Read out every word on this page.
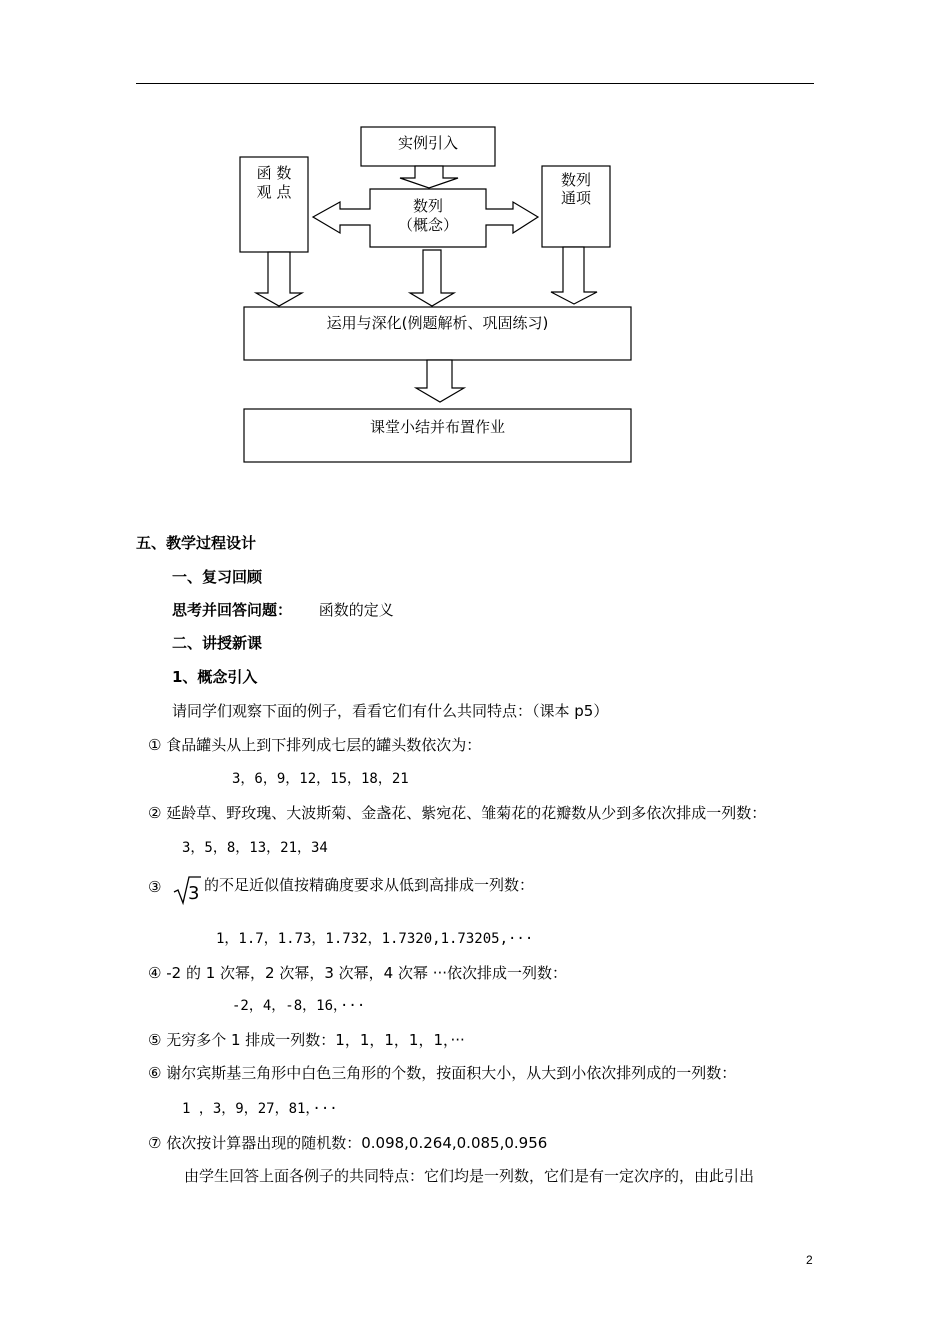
实例引入
函 数
观 点
数列
（概念）
数列
通项
运用与深化(例题解析、巩固练习)
课堂小结并布置作业
五、教学过程设计
一、复习回顾
思考并回答问题： 函数的定义
二、讲授新课
1、概念引入
请同学们观察下面的例子，看看它们有什么共同特点：（课本 p5）
① 食品罐头从上到下排列成七层的罐头数依次为：
3，6，9，12，15，18，21
② 延龄草、野玫瑰、大波斯菊、金盏花、紫宛花、雏菊花的花瓣数从少到多依次排成一列数：
3，5，8，13，21，34
③ 3 的不足近似值按精确度要求从低到高排成一列数：
1，1.7，1.73，1.732，1.7320,1.73205,···
④ -2 的 1 次幂，2 次幂，3 次幂，4 次幂 ···依次排成一列数：
-2，4，-8，16，···
⑤ 无穷多个 1 排成一列数：1，1，1，1，1，···
⑥ 谢尔宾斯基三角形中白色三角形的个数，按面积大小，从大到小依次排列成的一列数：
1 ，3，9，27，81，···
⑦ 依次按计算器出现的随机数：0.098,0.264,0.085,0.956
由学生回答上面各例子的共同特点：它们均是一列数，它们是有一定次序的，由此引出
2
